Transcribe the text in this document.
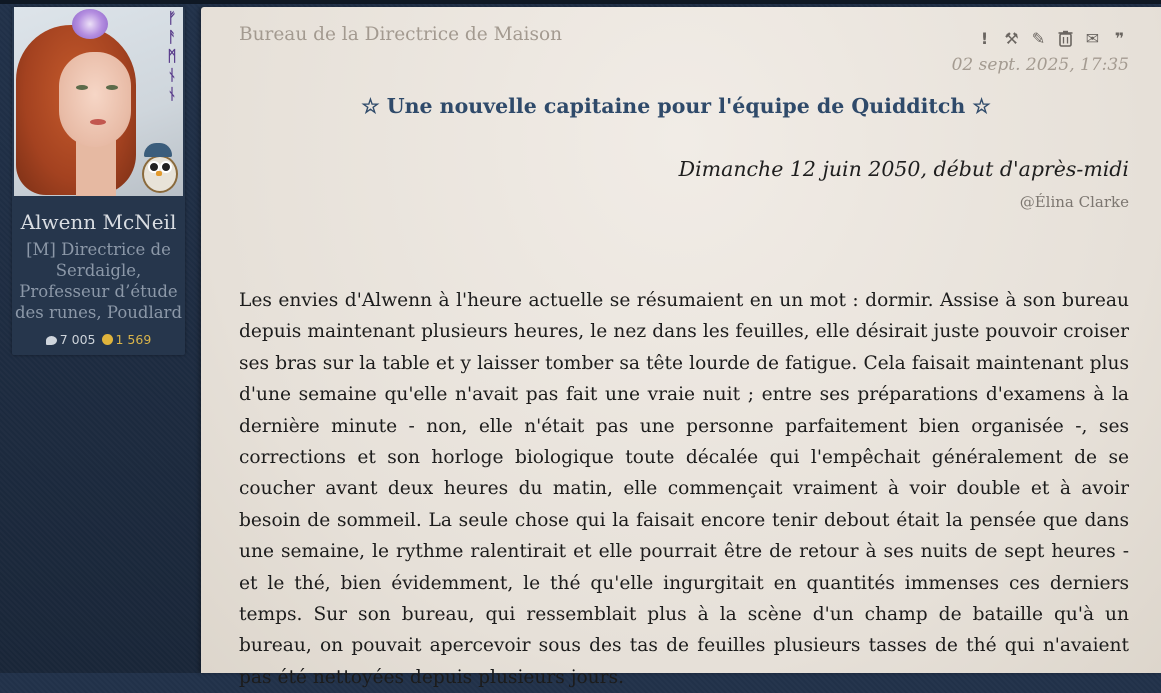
ᚠ
ᚨ
ᛗ
ᚾ
ᚾ
Alwenn McNeil
[M] Directrice de Serdaigle, Professeur d’étude des runes, Poudlard
7 005 1 569
Bureau de la Directrice de Maison	!	⚒ ✎	✉ ❞
02 sept. 2025, 17:35
☆ Une nouvelle capitaine pour l'équipe de Quidditch ☆
Dimanche 12 juin 2050, début d'après-midi
@Élina Clarke
Les envies d'Alwenn à l'heure actuelle se résumaient en un mot : dormir. Assise à son bureau depuis maintenant plusieurs heures, le nez dans les feuilles, elle désirait juste pouvoir croiser ses bras sur la table et y laisser tomber sa tête lourde de fatigue. Cela faisait maintenant plus d'une semaine qu'elle n'avait pas fait une vraie nuit ; entre ses préparations d'examens à la dernière minute - non, elle n'était pas une personne parfaitement bien organisée -, ses corrections et son horloge biologique toute décalée qui l'empêchait généralement de se coucher avant deux heures du matin, elle commençait vraiment à voir double et à avoir besoin de sommeil. La seule chose qui la faisait encore tenir debout était la pensée que dans une semaine, le rythme ralentirait et elle pourrait être de retour à ses nuits de sept heures - et le thé, bien évidemment, le thé qu'elle ingurgitait en quantités immenses ces derniers temps. Sur son bureau, qui ressemblait plus à la scène d'un champ de bataille qu'à un bureau, on pouvait apercevoir sous des tas de feuilles plusieurs tasses de thé qui n'avaient pas été nettoyées depuis plusieurs jours.
